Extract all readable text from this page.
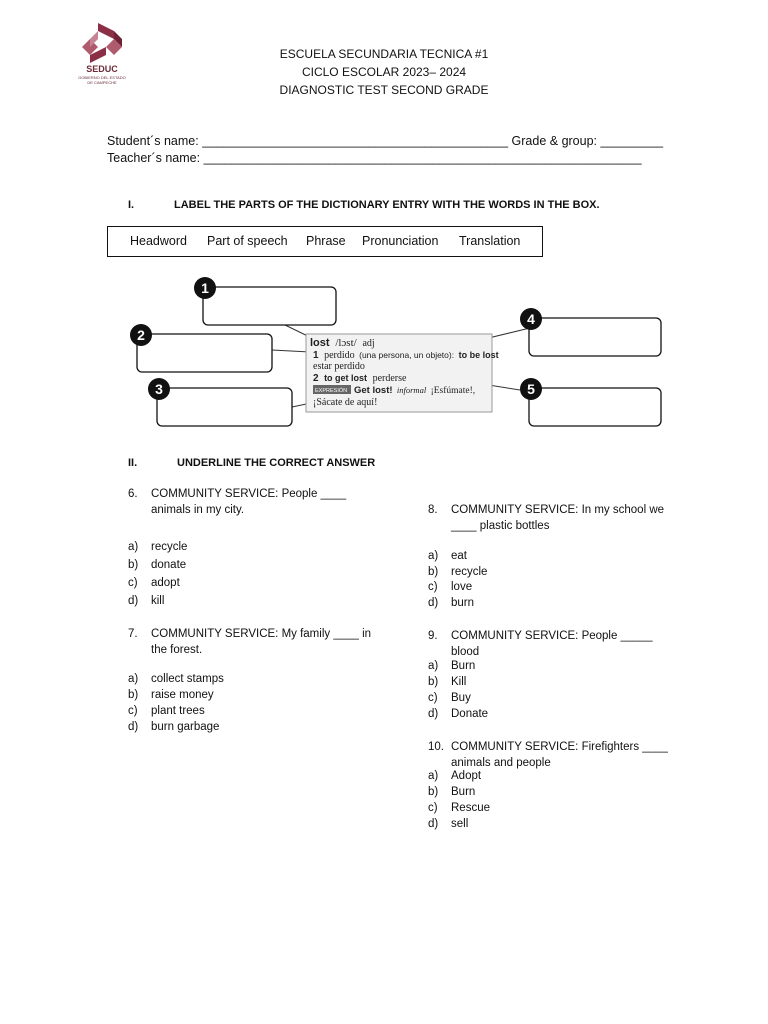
SEDUC
GOBIERNO DEL ESTADO
DE CAMPECHE
ESCUELA SECUNDARIA TECNICA #1
CICLO ESCOLAR 2023– 2024
DIAGNOSTIC TEST SECOND GRADE
Student´s name: ____________________________________________ Grade & group: _________
Teacher´s name: _______________________________________________________________
I.	LABEL THE PARTS OF THE DICTIONARY ENTRY WITH THE WORDS IN THE BOX.
Headword Part of speech Phrase Pronunciation Translation
lost /lɔst/ adj
1 perdido (una persona, un objeto): to be lost
estar perdido
2 to get lost perderse
EXPRESIÓN Get lost! informal ¡Esfúmate!,
¡Sácate de aquí!
1
2
3
4
5
II.	UNDERLINE THE CORRECT ANSWER
6. COMMUNITY SERVICE: People ____
animals in my city.
a) recycle
b) donate
c) adopt
d) kill
7. COMMUNITY SERVICE: My family ____ in
the forest.
a) collect stamps
b) raise money
c) plant trees
d) burn garbage
8. COMMUNITY SERVICE: In my school we
____ plastic bottles
a) eat
b) recycle
c) love
d) burn
9. COMMUNITY SERVICE: People _____
blood
a) Burn
b) Kill
c) Buy
d) Donate
10. COMMUNITY SERVICE: Firefighters ____
animals and people
a) Adopt
b) Burn
c) Rescue
d) sell
